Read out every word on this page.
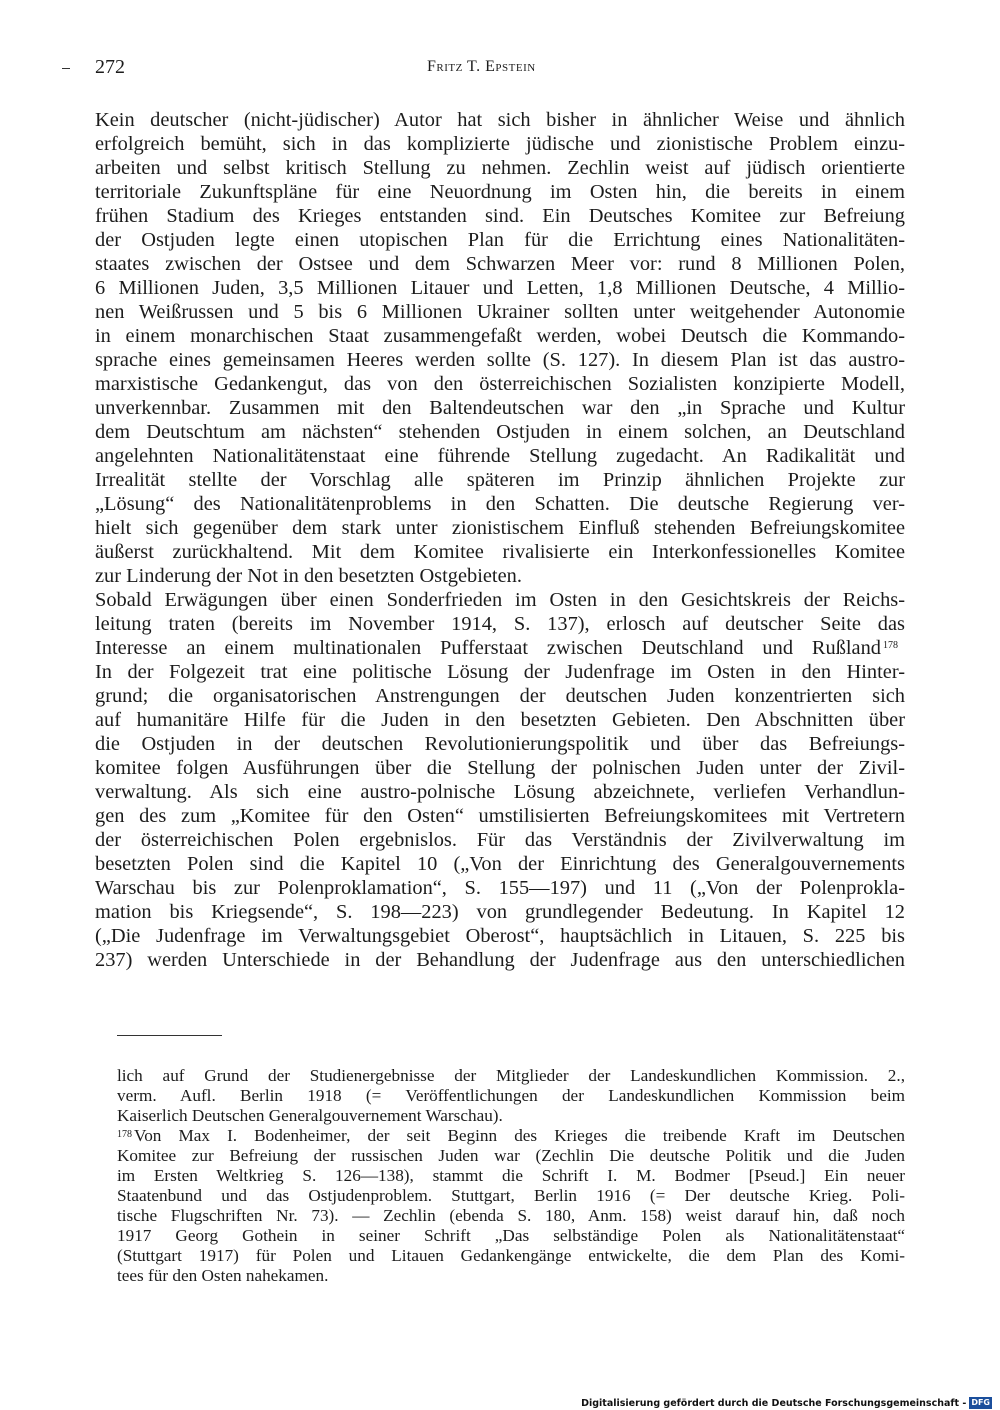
272	Fritz T. Epstein
Kein deutscher (nicht-jüdischer) Autor hat sich bisher in ähnlicher Weise und ähnlich
erfolgreich bemüht, sich in das komplizierte jüdische und zionistische Problem einzu-
arbeiten und selbst kritisch Stellung zu nehmen. Zechlin weist auf jüdisch orientierte
territoriale Zukunftspläne für eine Neuordnung im Osten hin, die bereits in einem
frühen Stadium des Krieges entstanden sind. Ein Deutsches Komitee zur Befreiung
der Ostjuden legte einen utopischen Plan für die Errichtung eines Nationalitäten-
staates zwischen der Ostsee und dem Schwarzen Meer vor: rund 8 Millionen Polen,
6 Millionen Juden, 3,5 Millionen Litauer und Letten, 1,8 Millionen Deutsche, 4 Millio-
nen Weißrussen und 5 bis 6 Millionen Ukrainer sollten unter weitgehender Autonomie
in einem monarchischen Staat zusammengefaßt werden, wobei Deutsch die Kommando-
sprache eines gemeinsamen Heeres werden sollte (S. 127). In diesem Plan ist das austro-
marxistische Gedankengut, das von den österreichischen Sozialisten konzipierte Modell,
unverkennbar. Zusammen mit den Baltendeutschen war den „in Sprache und Kultur
dem Deutschtum am nächsten“ stehenden Ostjuden in einem solchen, an Deutschland
angelehnten Nationalitätenstaat eine führende Stellung zugedacht. An Radikalität und
Irrealität stellte der Vorschlag alle späteren im Prinzip ähnlichen Projekte zur
„Lösung“ des Nationalitätenproblems in den Schatten. Die deutsche Regierung ver-
hielt sich gegenüber dem stark unter zionistischem Einfluß stehenden Befreiungskomitee
äußerst zurückhaltend. Mit dem Komitee rivalisierte ein Interkonfessionelles Komitee
zur Linderung der Not in den besetzten Ostgebieten.
Sobald Erwägungen über einen Sonderfrieden im Osten in den Gesichtskreis der Reichs-
leitung traten (bereits im November 1914, S. 137), erlosch auf deutscher Seite das
Interesse an einem multinationalen Pufferstaat zwischen Deutschland und Rußland 178
In der Folgezeit trat eine politische Lösung der Judenfrage im Osten in den Hinter-
grund; die organisatorischen Anstrengungen der deutschen Juden konzentrierten sich
auf humanitäre Hilfe für die Juden in den besetzten Gebieten. Den Abschnitten über
die Ostjuden in der deutschen Revolutionierungspolitik und über das Befreiungs-
komitee folgen Ausführungen über die Stellung der polnischen Juden unter der Zivil-
verwaltung. Als sich eine austro-polnische Lösung abzeichnete, verliefen Verhandlun-
gen des zum „Komitee für den Osten“ umstilisierten Befreiungskomitees mit Vertretern
der österreichischen Polen ergebnislos. Für das Verständnis der Zivilverwaltung im
besetzten Polen sind die Kapitel 10 („Von der Einrichtung des Generalgouvernements
Warschau bis zur Polenproklamation“, S. 155—197) und 11 („Von der Polenprokla-
mation bis Kriegsende“, S. 198—223) von grundlegender Bedeutung. In Kapitel 12
(„Die Judenfrage im Verwaltungsgebiet Oberost“, hauptsächlich in Litauen, S. 225 bis
237) werden Unterschiede in der Behandlung der Judenfrage aus den unterschiedlichen
lich auf Grund der Studienergebnisse der Mitglieder der Landeskundlichen Kommission. 2.,
verm. Aufl. Berlin 1918 (= Veröffentlichungen der Landeskundlichen Kommission beim
Kaiserlich Deutschen Generalgouvernement Warschau).
178 Von Max I. Bodenheimer, der seit Beginn des Krieges die treibende Kraft im Deutschen
Komitee zur Befreiung der russischen Juden war (Zechlin Die deutsche Politik und die Juden
im Ersten Weltkrieg S. 126—138), stammt die Schrift I. M. Bodmer [Pseud.] Ein neuer
Staatenbund und das Ostjudenproblem. Stuttgart, Berlin 1916 (= Der deutsche Krieg. Poli-
tische Flugschriften Nr. 73). — Zechlin (ebenda S. 180, Anm. 158) weist darauf hin, daß noch
1917 Georg Gothein in seiner Schrift „Das selbständige Polen als Nationalitätenstaat“
(Stuttgart 1917) für Polen und Litauen Gedankengänge entwickelte, die dem Plan des Komi-
tees für den Osten nahekamen.
Digitalisierung gefördert durch die Deutsche Forschungsgemeinschaft - DFG
